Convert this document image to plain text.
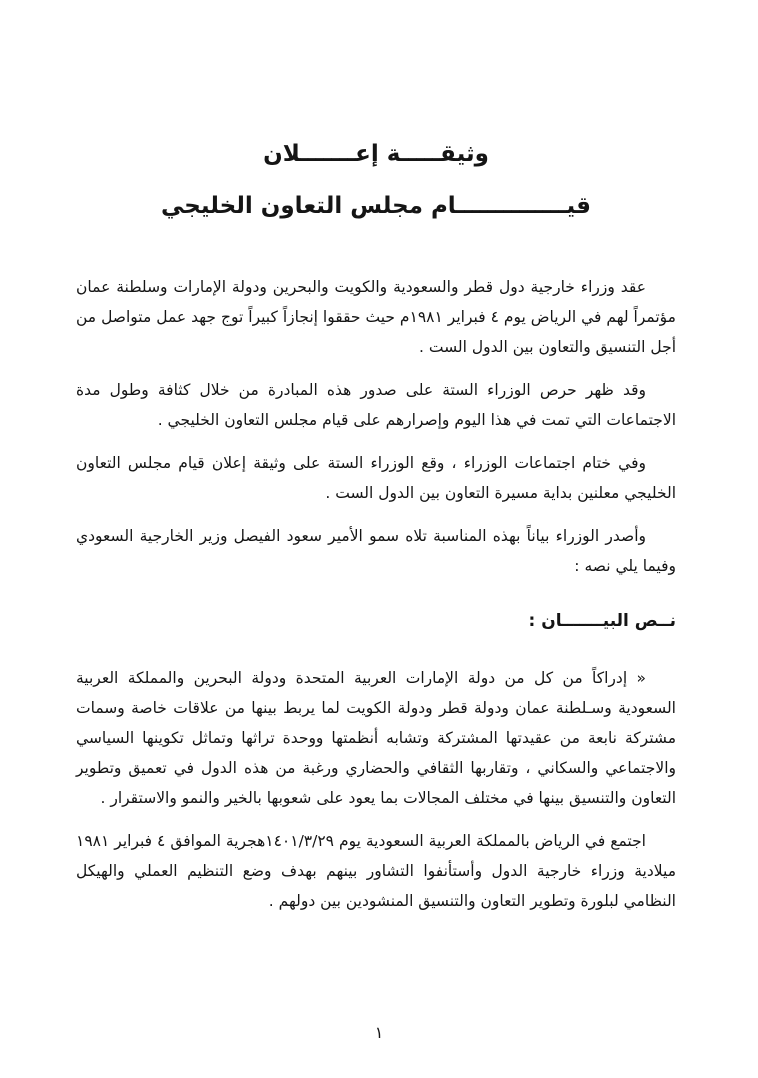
وثيقـــــة إعـــــــلان
قيــــــــــــــام مجلس التعاون الخليجي

عقد وزراء خارجية دول قطر والسعودية والكويت والبحرين ودولة الإمارات وسلطنة عمان مؤتمراً لهم في الرياض يوم ٤ فبراير ١٩٨١م حيث حققوا إنجازاً كبيراً توج جهد عمل متواصل من أجل التنسيق والتعاون بين الدول الست .

وقد ظهر حرص الوزراء الستة على صدور هذه المبادرة من خلال كثافة وطول مدة الاجتماعات التي تمت في هذا اليوم وإصرارهم على قيام مجلس التعاون الخليجي .

وفي ختام اجتماعات الوزراء ، وقع الوزراء الستة على وثيقة إعلان قيام مجلس التعاون الخليجي معلنين بداية مسيرة التعاون بين الدول الست .

وأصدر الوزراء بياناً بهذه المناسبة تلاه سمو الأمير سعود الفيصل وزير الخارجية السعودي وفيما يلي نصه :

نــص البيـــــــان :

« إدراكاً من كل من دولة الإمارات العربية المتحدة ودولة البحرين والمملكة العربية السعودية وسـلطنة عمان ودولة قطر ودولة الكويت لما يربط بينها من علاقات خاصة وسمات مشتركة نابعة من عقيدتها المشتركة وتشابه أنظمتها ووحدة تراثها وتماثل تكوينها السياسي والاجتماعي والسكاني ، وتقاربها الثقافي والحضاري ورغبة من هذه الدول في تعميق وتطوير التعاون والتنسيق بينها في مختلف المجالات بما يعود على شعوبها بالخير والنمو والاستقرار .

اجتمع في الرياض بالمملكة العربية السعودية يوم ١٤٠١/٣/٢٩هجرية الموافق ٤ فبراير ١٩٨١ ميلادية وزراء خارجية الدول وأستأنفوا التشاور بينهم بهدف وضع التنظيم العملي والهيكل النظامي لبلورة وتطوير التعاون والتنسيق المنشودين بين دولهم .

١
